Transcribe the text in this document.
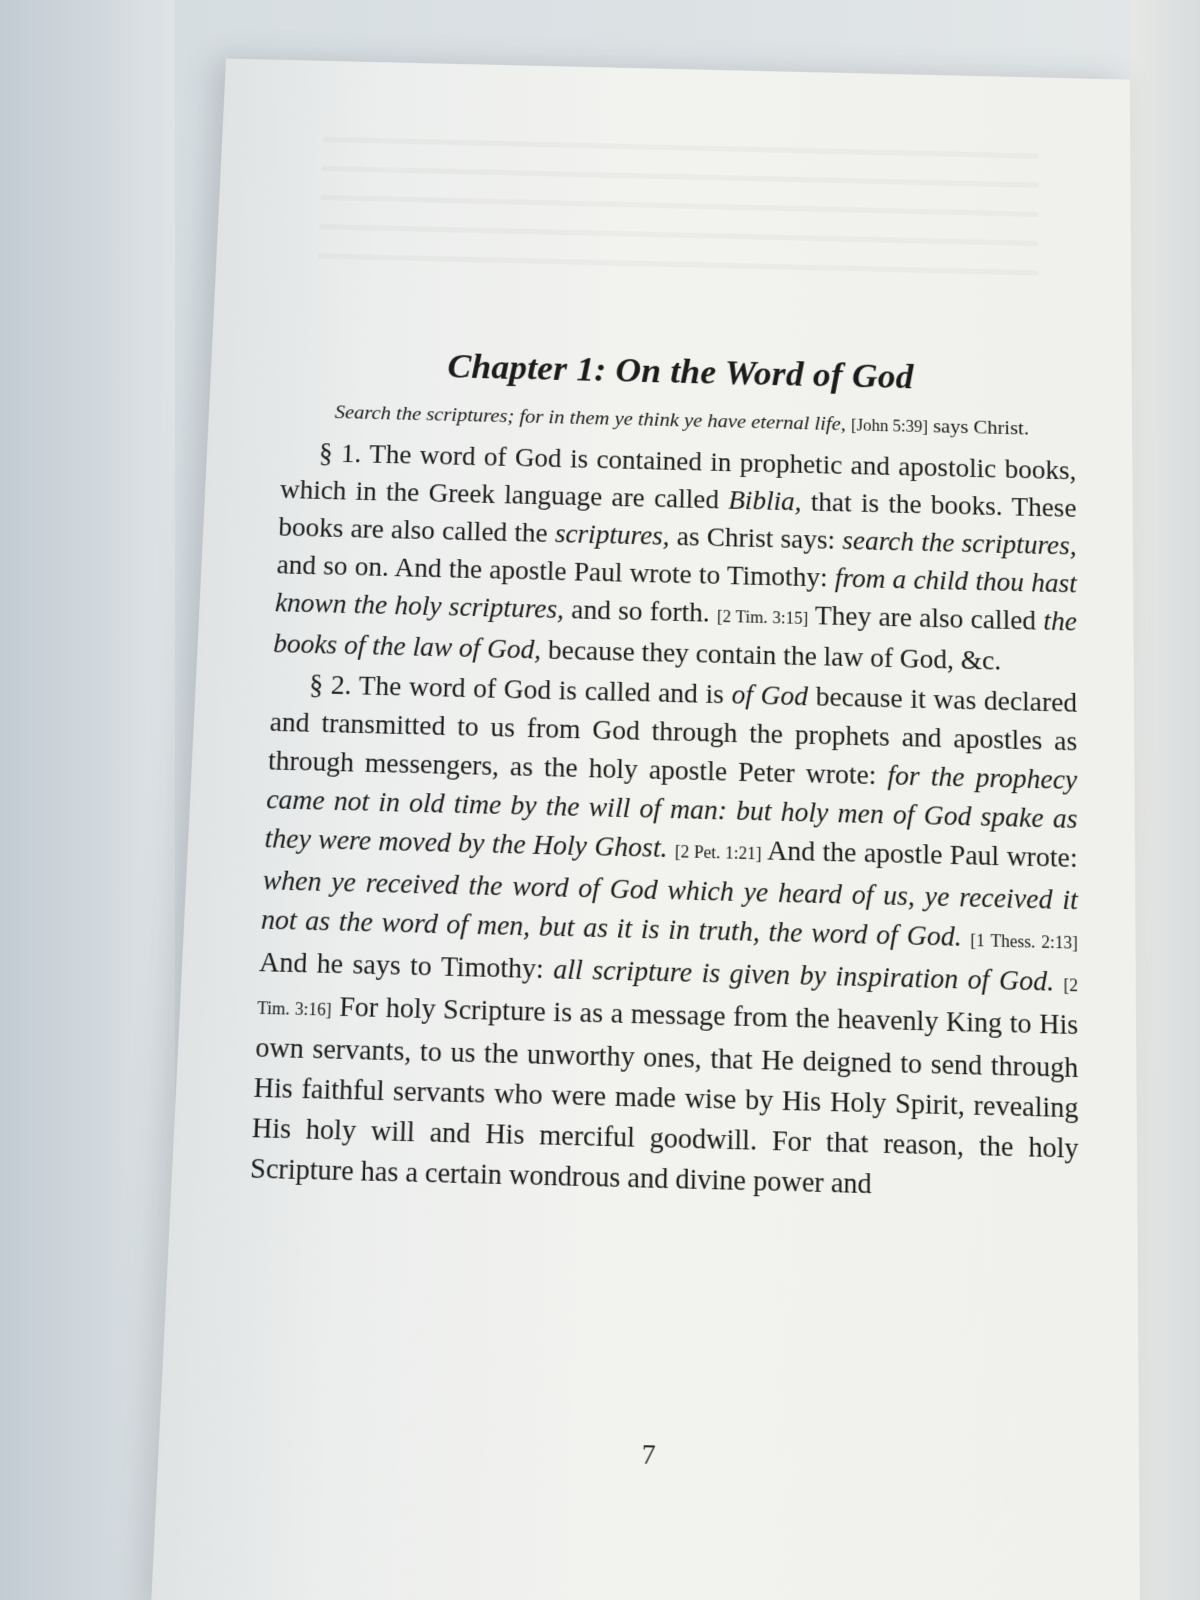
Chapter 1: On the Word of God

Search the scriptures; for in them ye think ye have eternal life, [John 5:39] says Christ.

§ 1. The word of God is contained in prophetic and apostolic books, which in the Greek language are called Biblia, that is the books. These books are also called the scriptures, as Christ says: search the scriptures, and so on. And the apostle Paul wrote to Timothy: from a child thou hast known the holy scriptures, and so forth. [2 Tim. 3:15] They are also called the books of the law of God, because they contain the law of God, &c.

§ 2. The word of God is called and is of God because it was declared and transmitted to us from God through the prophets and apostles as through messengers, as the holy apostle Peter wrote: for the prophecy came not in old time by the will of man: but holy men of God spake as they were moved by the Holy Ghost. [2 Pet. 1:21] And the apostle Paul wrote: when ye received the word of God which ye heard of us, ye received it not as the word of men, but as it is in truth, the word of God. [1 Thess. 2:13] And he says to Timothy: all scripture is given by inspiration of God. [2 Tim. 3:16] For holy Scripture is as a message from the heavenly King to His own servants, to us the unworthy ones, that He deigned to send through His faithful servants who were made wise by His Holy Spirit, revealing His holy will and His merciful goodwill. For that reason, the holy Scripture has a certain wondrous and divine power and

7
